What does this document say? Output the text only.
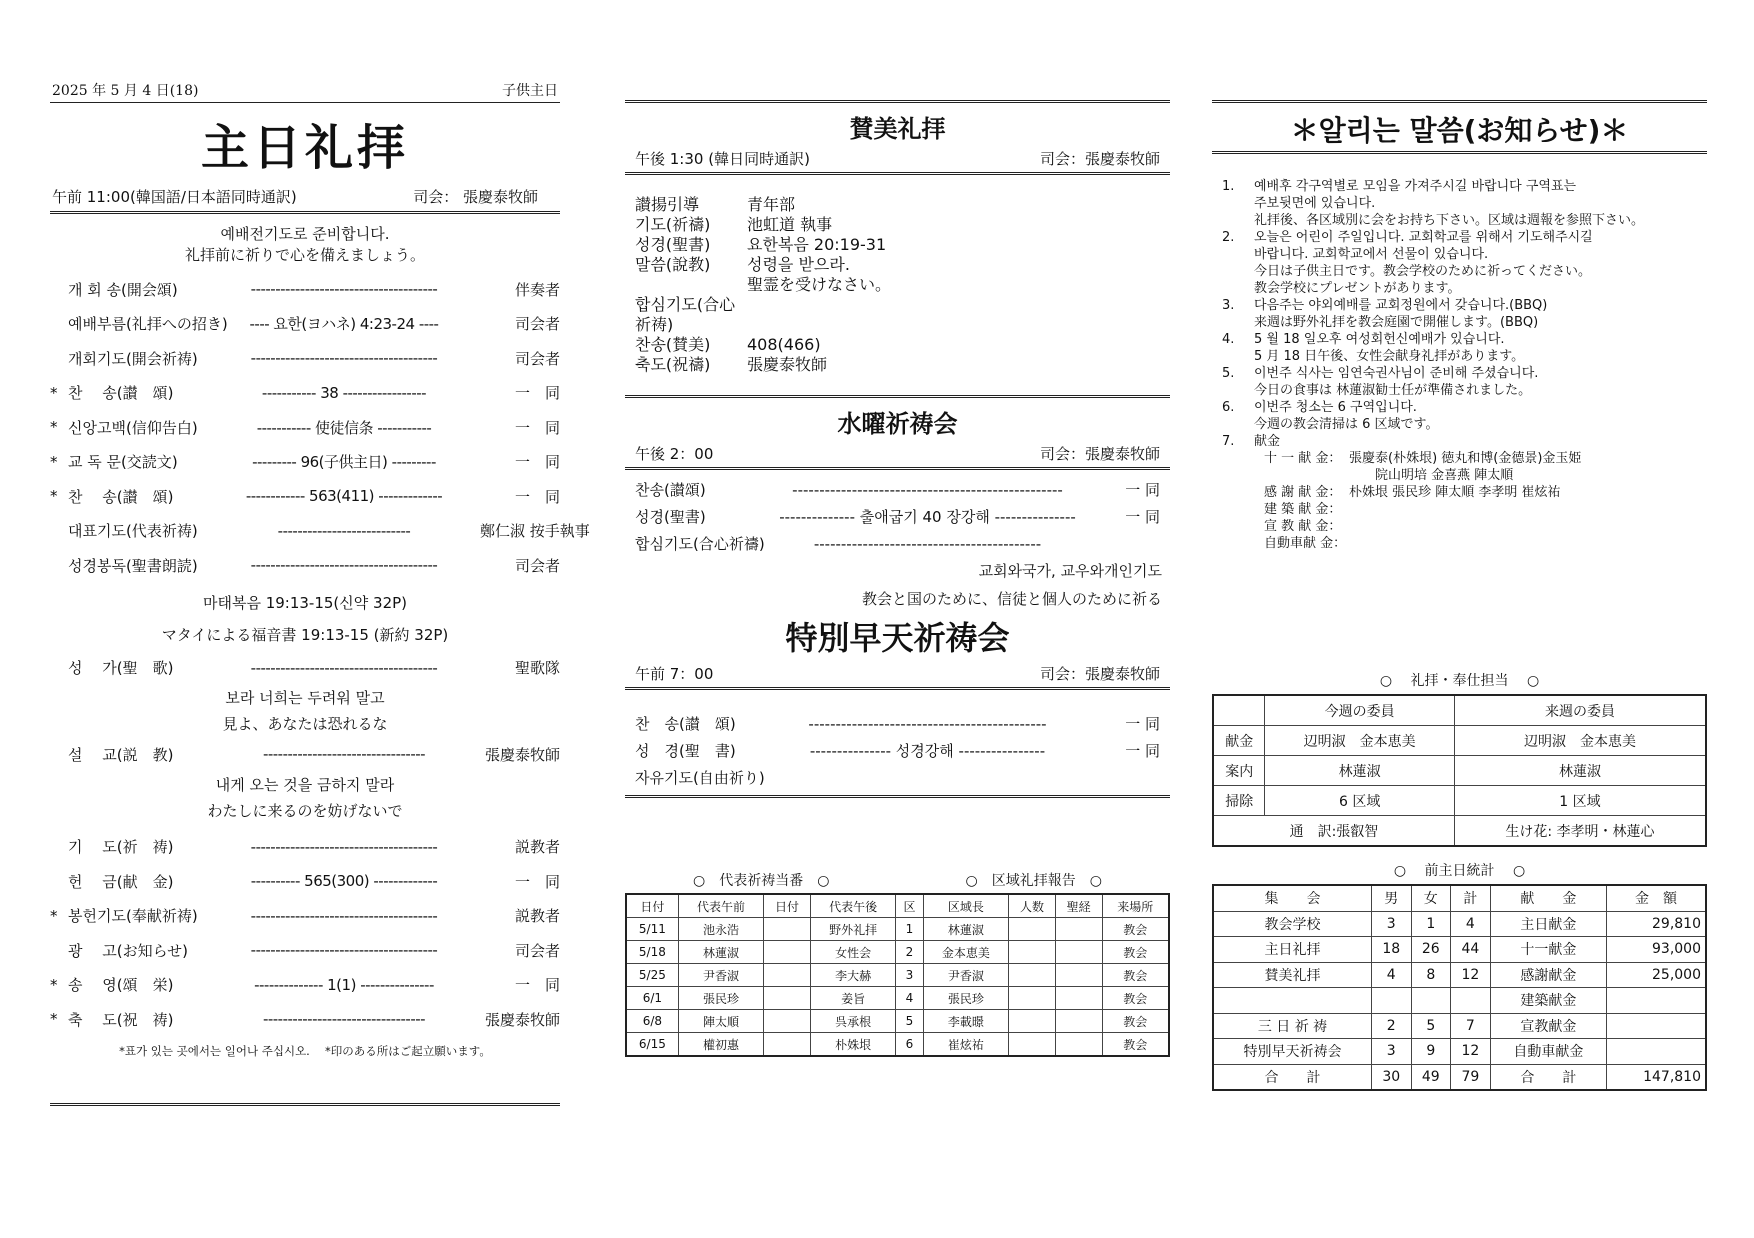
2025 年 5 月 4 日(18)	子供主日
主日礼拝
午前 11:00(韓国語/日本語同時通訳)	司会： 張慶泰牧師
예배전기도로 준비합니다.
礼拝前に祈りで心を備えましょう。
개 회 송(開会頌)	--------------------------------------	伴奏者
예배부름(礼拝への招き)	---- 요한(ヨハネ) 4:23-24 ----	司会者
개회기도(開会祈祷)	--------------------------------------	司会者
* 찬　 송(讃　頌)	----------- 38 -----------------	一　同
* 신앙고백(信仰告白)	----------- 使徒信条 -----------	一　同
* 교 독 문(交読文)	--------- 96(子供主日) ---------	一　同
* 찬　 송(讃　頌)	------------ 563(411) -------------	一　同
대표기도(代表祈祷)	---------------------------	鄭仁淑 按手執事
성경봉독(聖書朗読)	--------------------------------------	司会者
마태복음 19:13-15(신약 32P)
マタイによる福音書 19:13-15 (新約 32P)
성　 가(聖　歌)	--------------------------------------	聖歌隊
보라 너희는 두려워 말고
見よ、あなたは恐れるな
설　 교(説　教)	---------------------------------	張慶泰牧師
내게 오는 것을 금하지 말라
わたしに来るのを妨げないで
기　 도(祈　祷)	--------------------------------------	説教者
헌　 금(献　金)	---------- 565(300) -------------	一　同
* 봉헌기도(奉献祈祷)	--------------------------------------	説教者
광　 고(お知らせ)	--------------------------------------	司会者
* 송　 영(頌　栄)	-------------- 1(1) ---------------	一　同
* 축　 도(祝　祷)	---------------------------------	張慶泰牧師
*표가 있는 곳에서는 일어나 주십시오.　 *印のある所はご起立願います。
賛美礼拝
午後 1:30 (韓日同時通訳)	司会：張慶泰牧師
讃揚引導	青年部
기도(祈禱)	池虹道 執事
성경(聖書)	요한복음 20:19-31
말씀(說教)	성령을 받으라.
聖霊を受けなさい。
합심기도(合心祈祷)
찬송(賛美)	408(466)
축도(祝禱)	張慶泰牧師
水曜祈祷会
午後 2：00	司会：張慶泰牧師
찬송(讃頌)	--------------------------------------------------	一 同
성경(聖書)	-------------- 출애굽기 40 장강해 ---------------	一 同
합심기도(合心祈禱)	------------------------------------------
교회와국가, 교우와개인기도
教会と国のために、信徒と個人のために祈る
特別早天祈祷会
午前 7：00	司会：張慶泰牧師
찬　송(讃　頌)	--------------------------------------------	一 同
성　경(聖　書)	--------------- 성경강해 ----------------	一 同
자유기도(自由祈り)
○　代表祈祷当番　○	○　区域礼拝報告　○
日付	代表午前	日付	代表午後	区	区域長	人数	聖経	来場所
5/11	池永浩		野外礼拝	1	林蓮淑			教会
5/18	林蓮淑		女性会	2	金本恵美			教会
5/25	尹香淑		李大赫	3	尹香淑			教会
6/1	張民珍		姜旨	4	張民珍			教会
6/8	陣太順		呉承根	5	李載暻			教会
6/15	權初惠		朴姝垠	6	崔炫祐			教会
＊알리는 말씀(お知らせ)＊
1.	예배후 각구역별로 모임을 가져주시길 바랍니다 구역표는
주보뒷면에 있습니다.
礼拝後、各区域別に会をお持ち下さい。区域は週報を参照下さい。
2.	오늘은 어린이 주일입니다. 교회학교를 위해서 기도해주시길
바랍니다. 교회학교에서 선물이 있습니다.
今日は子供主日です。教会学校のために祈ってください。
教会学校にプレゼントがあります。
3.	다음주는 야외예배를 교회정원에서 갖습니다.(BBQ)
来週は野外礼拝を教会庭園で開催します。(BBQ)
4.	5 월 18 일오후 여성회헌신예배가 있습니다.
5 月 18 日午後、女性会献身礼拝があります。
5.	이번주 식사는 임연숙권사님이 준비해 주셨습니다.
今日の食事は 林蓮淑勧士任が準備されました。
6.	이번주 청소는 6 구역입니다.
今週の教会清掃は 6 区域です。
7.	献金
十 一 献 金： 張慶泰(朴姝垠) 徳丸和博(金德景)金玉姫
　　院山明培 金喜燕 陣太順
感 謝 献 金： 朴姝垠 張民珍 陣太順 李孝明 崔炫祐
建 築 献 金：
宣 教 献 金：
自動車献 金：
○　 礼拝・奉仕担当　 ○
	今週の委員	来週の委員
献金	辺明淑　金本恵美	辺明淑　金本恵美
案内	林蓮淑	林蓮淑
掃除	6 区域	1 区域
通　訳:張叡智		生け花: 李孝明・林蓮心
○　 前主日統計　 ○
集　　会	男	女	計	献　　金	金　額
教会学校	3	1	4	主日献金	29,810
主日礼拝	18	26	44	十一献金	93,000
賛美礼拝	4	8	12	感謝献金	25,000
				建築献金	
三 日 祈 祷	2	5	7	宣教献金	
特別早天祈祷会	3	9	12	自動車献金	
合　　計	30	49	79	合　　計	147,810
